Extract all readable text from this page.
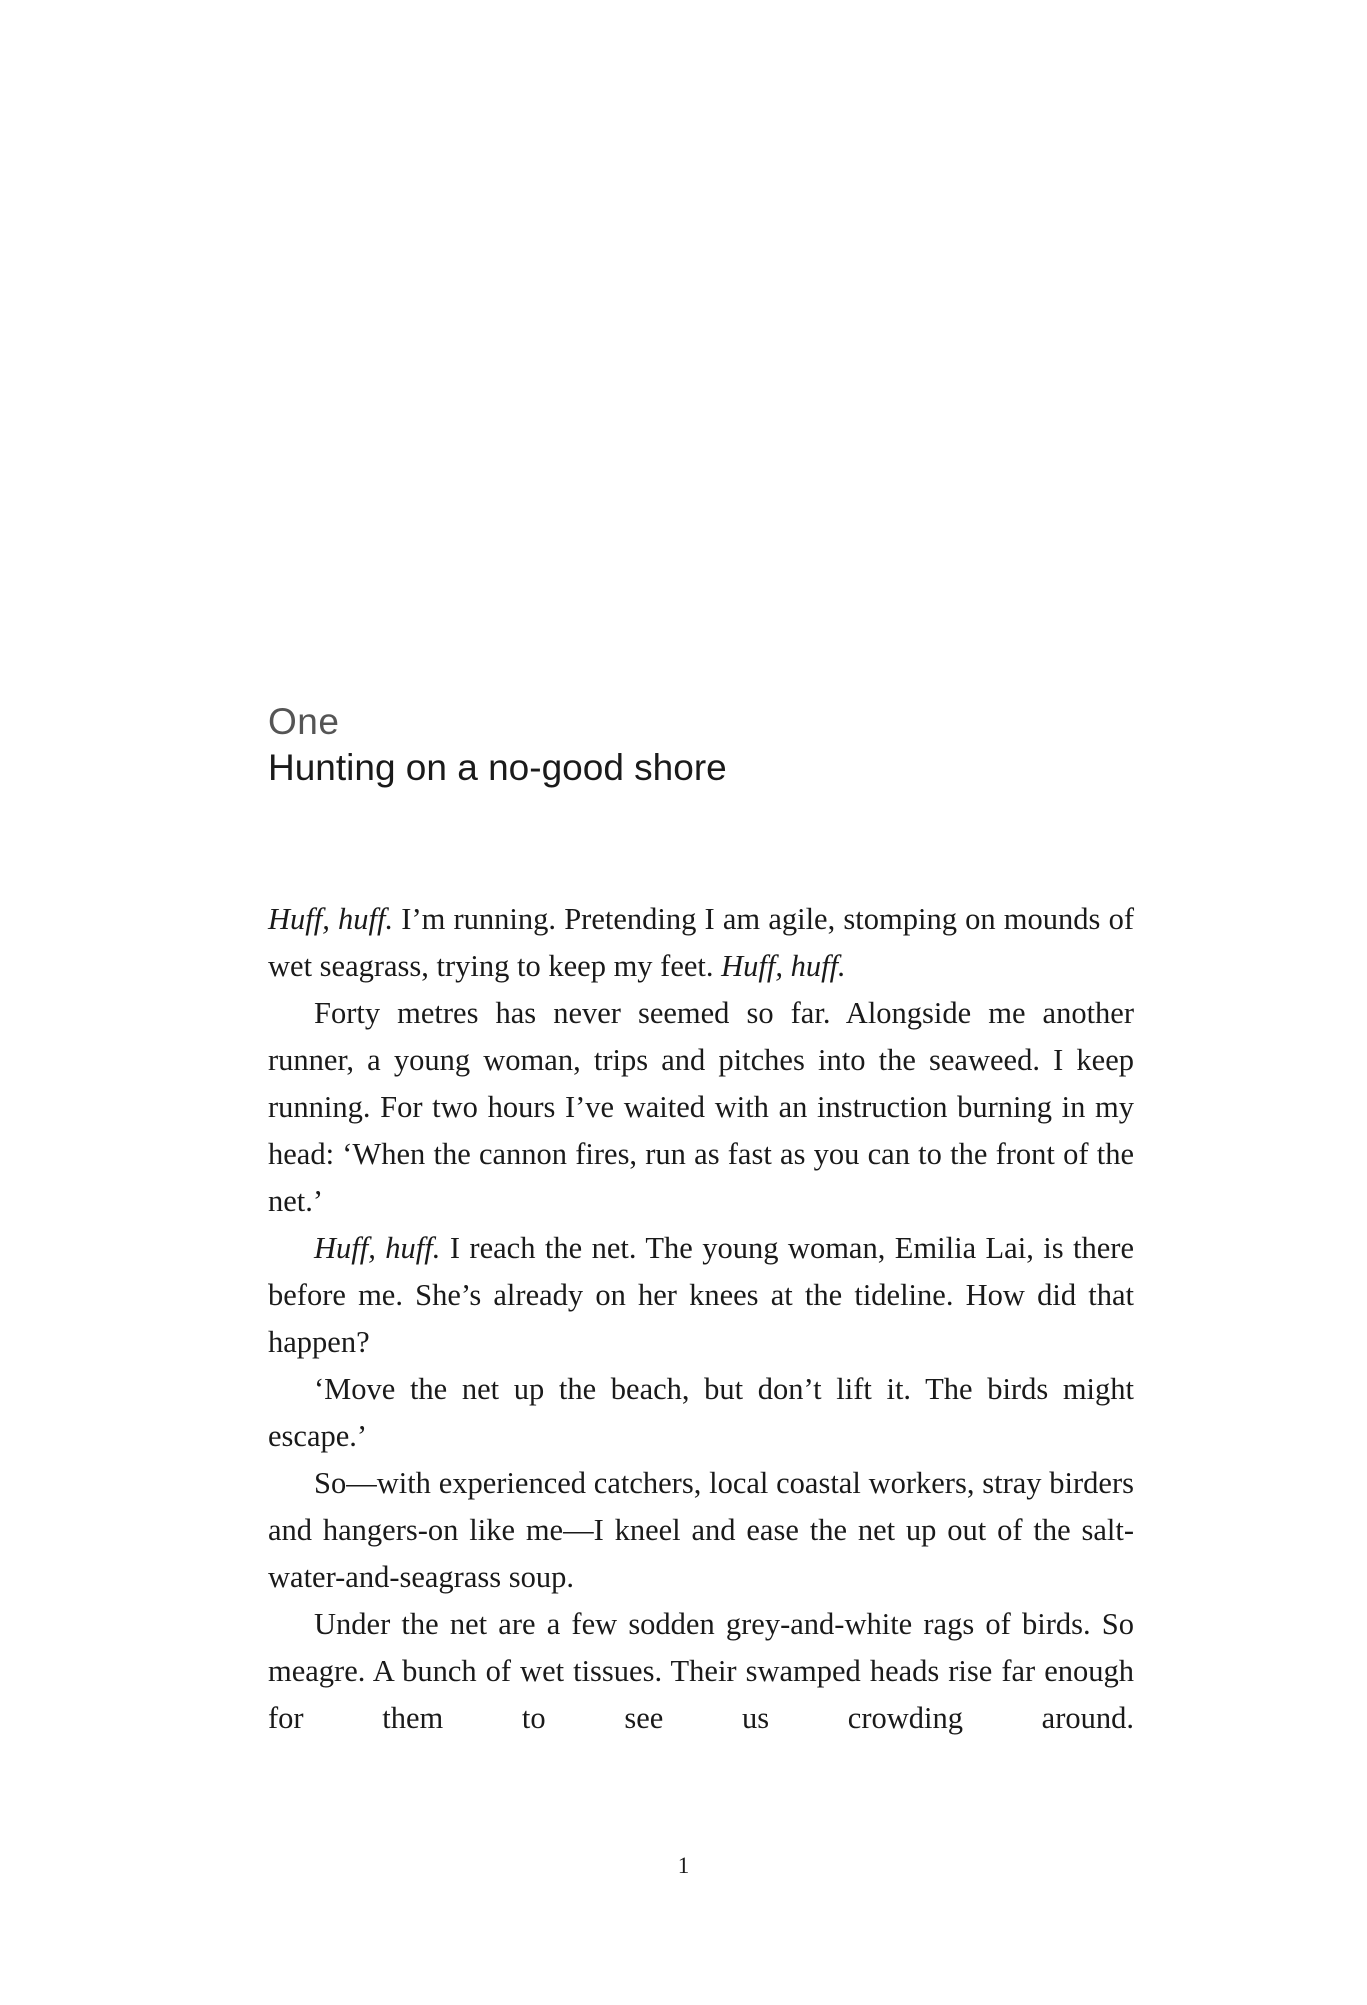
One
Hunting on a no-good shore

Huff, huff. I’m running. Pretending I am agile, stomping on mounds of wet seagrass, trying to keep my feet. Huff, huff.

Forty metres has never seemed so far. Alongside me another runner, a young woman, trips and pitches into the seaweed. I keep running. For two hours I’ve waited with an instruction burning in my head: ‘When the cannon fires, run as fast as you can to the front of the net.’

Huff, huff. I reach the net. The young woman, Emilia Lai, is there before me. She’s already on her knees at the tideline. How did that happen?

‘Move the net up the beach, but don’t lift it. The birds might escape.’

So—with experienced catchers, local coastal workers, stray birders and hangers-on like me—I kneel and ease the net up out of the salt-water-and-seagrass soup.

Under the net are a few sodden grey-and-white rags of birds. So meagre. A bunch of wet tissues. Their swamped heads rise far enough for them to see us crowding around.

1
